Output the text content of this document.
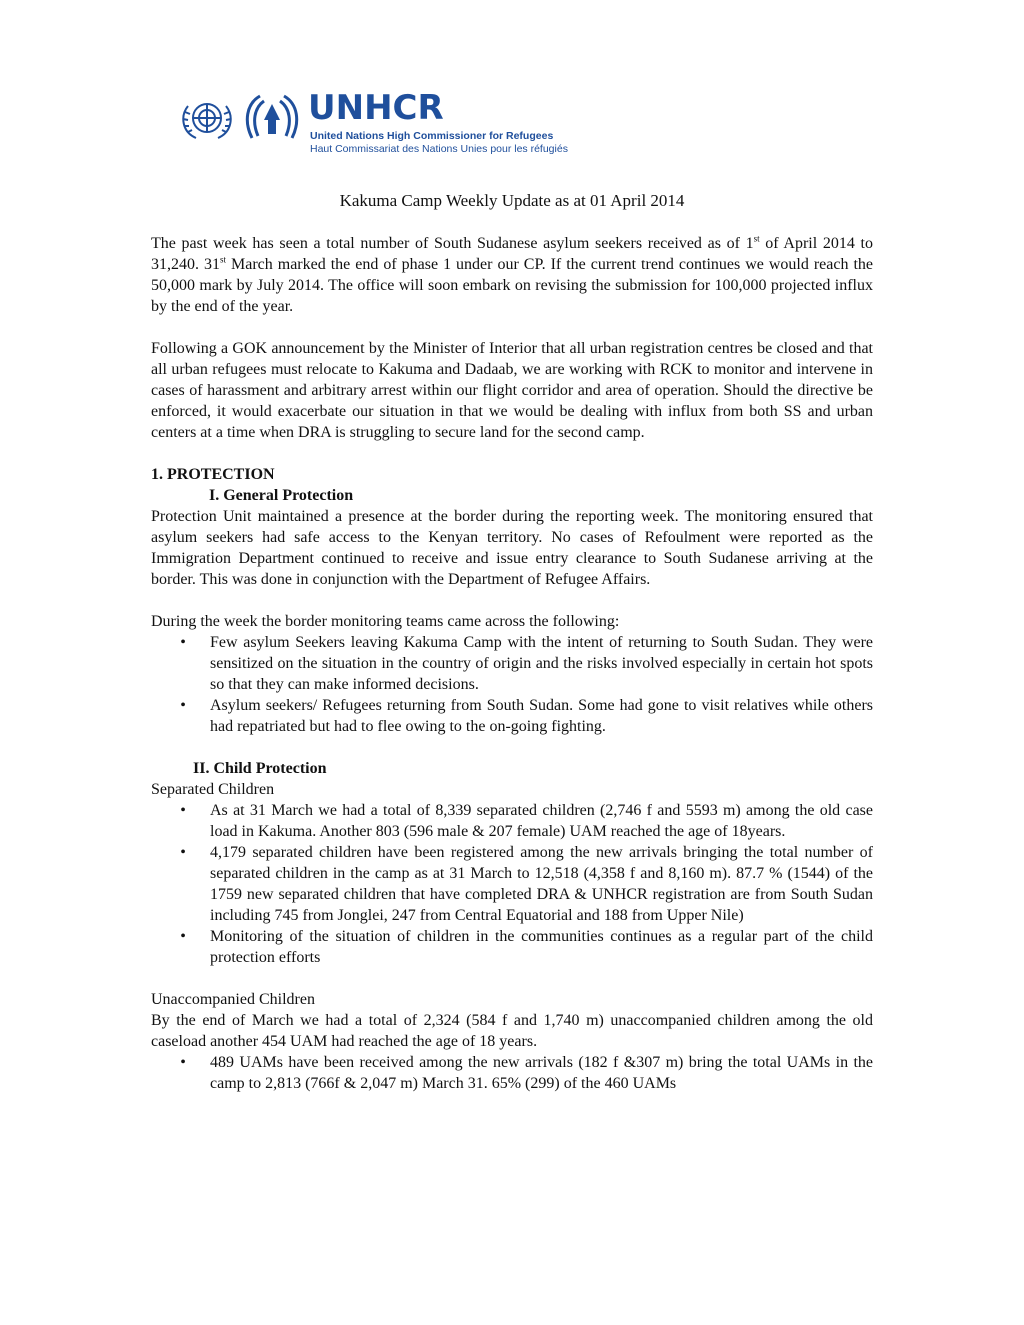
UNHCR
United Nations High Commissioner for Refugees
Haut Commissariat des Nations Unies pour les réfugiés
Kakuma Camp Weekly Update as at 01 April 2014

The past week has seen a total number of South Sudanese asylum seekers received as of 1st of April 2014 to 31,240. 31st March marked the end of phase 1 under our CP. If the current trend continues we would reach the 50,000 mark by July 2014. The office will soon embark on revising the submission for 100,000 projected influx by the end of the year.

Following a GOK announcement by the Minister of Interior that all urban registration centres be closed and that all urban refugees must relocate to Kakuma and Dadaab, we are working with RCK to monitor and intervene in cases of harassment and arbitrary arrest within our flight corridor and area of operation. Should the directive be enforced, it would exacerbate our situation in that we would be dealing with influx from both SS and urban centers at a time when DRA is struggling to secure land for the second camp.

1. PROTECTION

I. General Protection

Protection Unit maintained a presence at the border during the reporting week. The monitoring ensured that asylum seekers had safe access to the Kenyan territory. No cases of Refoulment were reported as the Immigration Department continued to receive and issue entry clearance to South Sudanese arriving at the border. This was done in conjunction with the Department of Refugee Affairs.

During the week the border monitoring teams came across the following:

• Few asylum Seekers leaving Kakuma Camp with the intent of returning to South Sudan. They were sensitized on the situation in the country of origin and the risks involved especially in certain hot spots so that they can make informed decisions.
• Asylum seekers/ Refugees returning from South Sudan. Some had gone to visit relatives while others had repatriated but had to flee owing to the on-going fighting.

II. Child Protection

Separated Children

• As at 31 March we had a total of 8,339 separated children (2,746 f and 5593 m) among the old case load in Kakuma. Another 803 (596 male & 207 female) UAM reached the age of 18years.
• 4,179 separated children have been registered among the new arrivals bringing the total number of separated children in the camp as at 31 March to 12,518 (4,358 f and 8,160 m). 87.7 % (1544) of the 1759 new separated children that have completed DRA & UNHCR registration are from South Sudan including 745 from Jonglei, 247 from Central Equatorial and 188 from Upper Nile)
• Monitoring of the situation of children in the communities continues as a regular part of the child protection efforts

Unaccompanied Children

By the end of March we had a total of 2,324 (584 f and 1,740 m) unaccompanied children among the old caseload another 454 UAM had reached the age of 18 years.

• 489 UAMs have been received among the new arrivals (182 f &307 m) bring the total UAMs in the camp to 2,813 (766f & 2,047 m) March 31. 65% (299) of the 460 UAMs
